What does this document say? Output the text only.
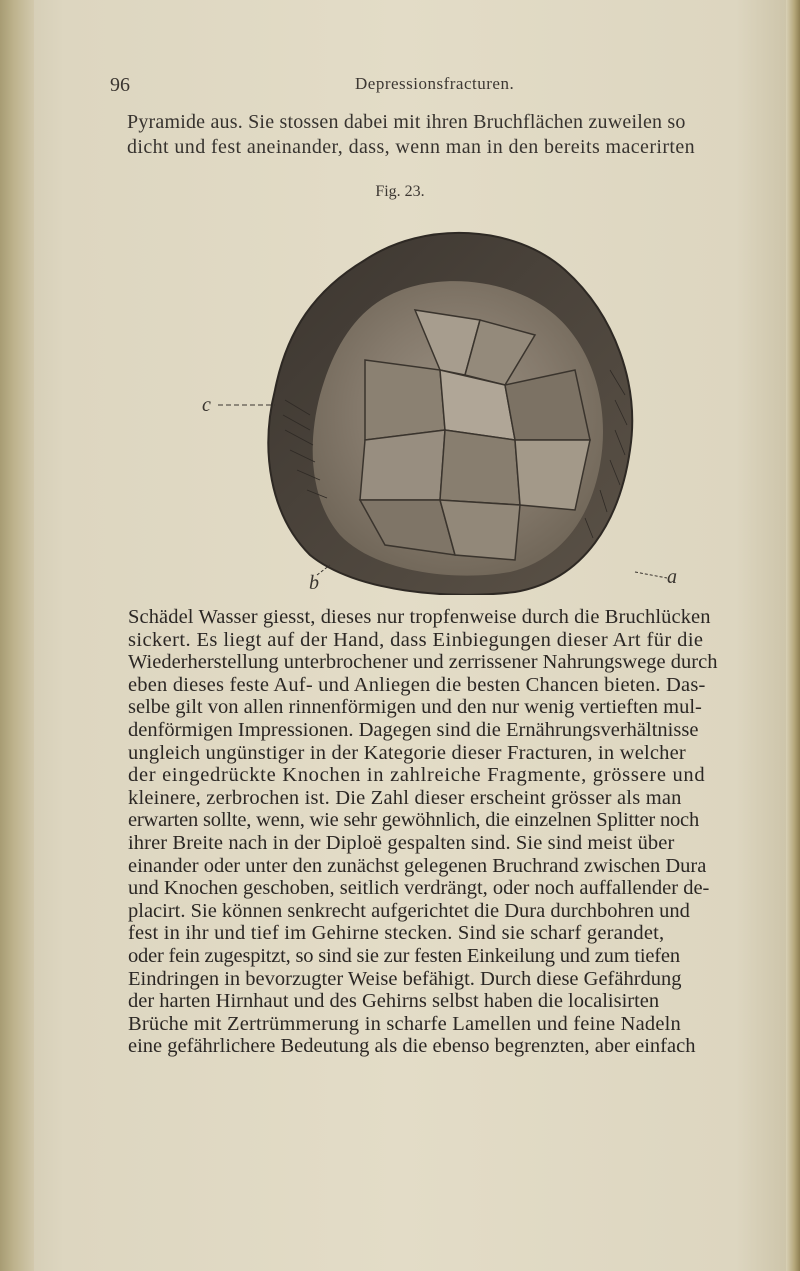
96	Depressionsfracturen.
Pyramide aus. Sie stossen dabei mit ihren Bruchflächen zuweilen so
dicht und fest aneinander, dass, wenn man in den bereits macerirten
Fig. 23.
c
a
b
Schädel Wasser giesst, dieses nur tropfenweise durch die Bruchlücken
sickert. Es liegt auf der Hand, dass Einbiegungen dieser Art für die
Wiederherstellung unterbrochener und zerrissener Nahrungswege durch
eben dieses feste Auf- und Anliegen die besten Chancen bieten. Das-
selbe gilt von allen rinnenförmigen und den nur wenig vertieften mul-
denförmigen Impressionen. Dagegen sind die Ernährungsverhältnisse
ungleich ungünstiger in der Kategorie dieser Fracturen, in welcher
der eingedrückte Knochen in zahlreiche Fragmente, grössere und
kleinere, zerbrochen ist. Die Zahl dieser erscheint grösser als man
erwarten sollte, wenn, wie sehr gewöhnlich, die einzelnen Splitter noch
ihrer Breite nach in der Diploë gespalten sind. Sie sind meist über
einander oder unter den zunächst gelegenen Bruchrand zwischen Dura
und Knochen geschoben, seitlich verdrängt, oder noch auffallender de-
placirt. Sie können senkrecht aufgerichtet die Dura durchbohren und
fest in ihr und tief im Gehirne stecken. Sind sie scharf gerandet,
oder fein zugespitzt, so sind sie zur festen Einkeilung und zum tiefen
Eindringen in bevorzugter Weise befähigt. Durch diese Gefährdung
der harten Hirnhaut und des Gehirns selbst haben die localisirten
Brüche mit Zertrümmerung in scharfe Lamellen und feine Nadeln
eine gefährlichere Bedeutung als die ebenso begrenzten, aber einfach
